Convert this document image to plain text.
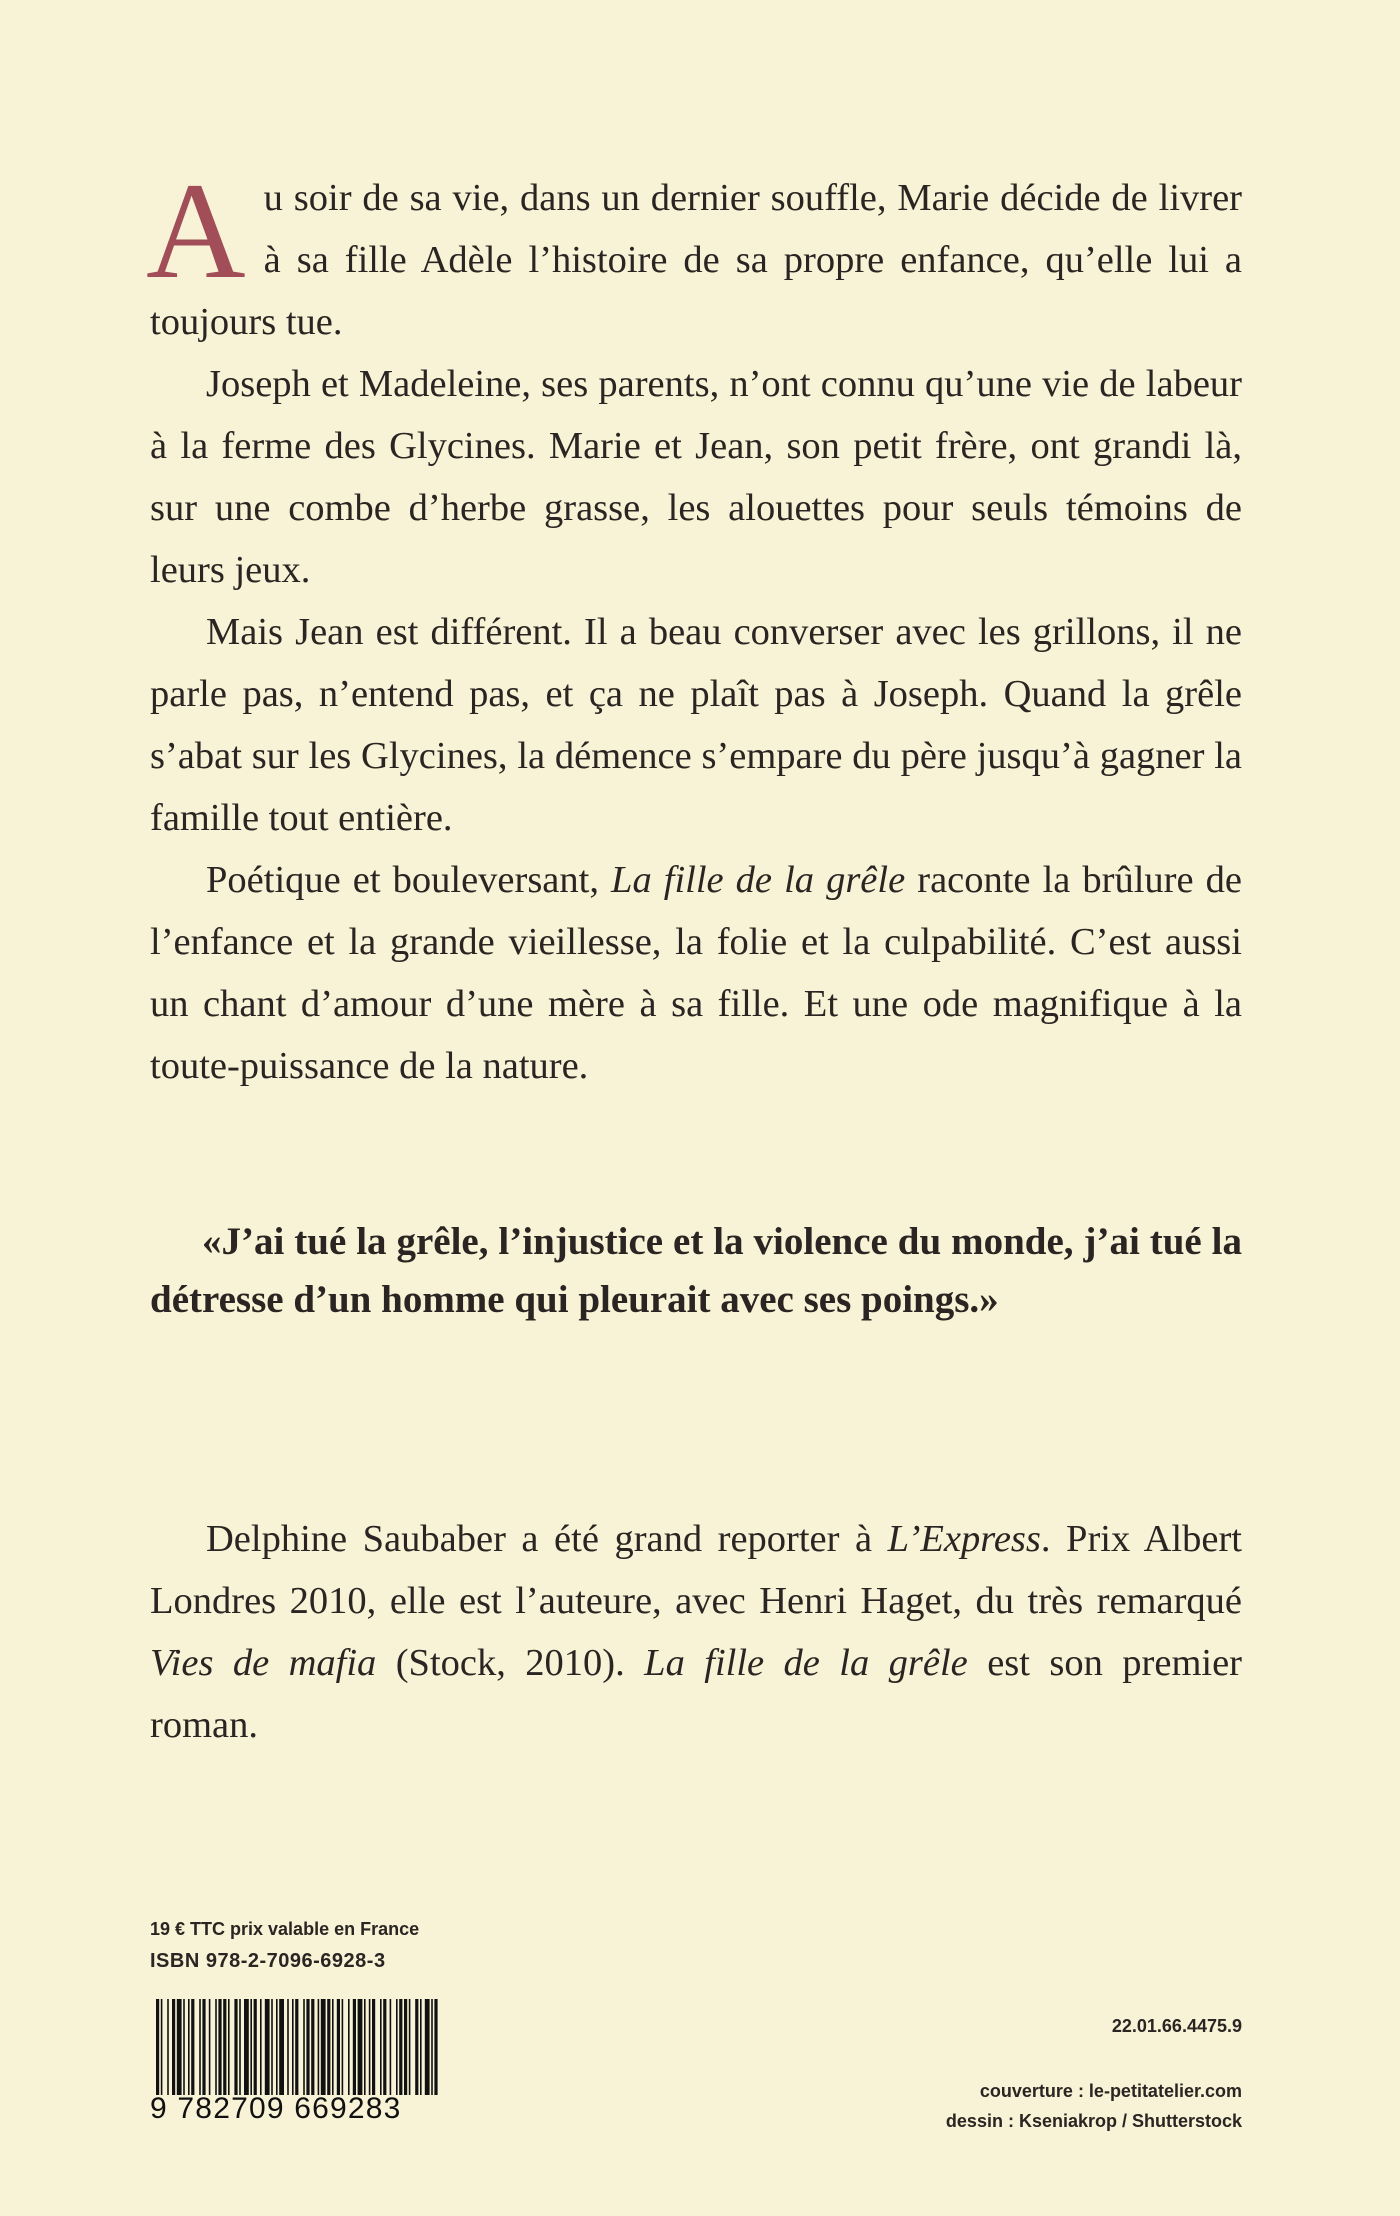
Au soir de sa vie, dans un dernier souffle, Marie décide de livrer à sa fille Adèle l’histoire de sa propre enfance, qu’elle lui a toujours tue.

Joseph et Madeleine, ses parents, n’ont connu qu’une vie de labeur à la ferme des Glycines. Marie et Jean, son petit frère, ont grandi là, sur une combe d’herbe grasse, les alouettes pour seuls témoins de leurs jeux.

Mais Jean est différent. Il a beau converser avec les grillons, il ne parle pas, n’entend pas, et ça ne plaît pas à Joseph. Quand la grêle s’abat sur les Glycines, la démence s’empare du père jusqu’à gagner la famille tout entière.

Poétique et bouleversant, La fille de la grêle raconte la brûlure de l’enfance et la grande vieillesse, la folie et la culpabilité. C’est aussi un chant d’amour d’une mère à sa fille. Et une ode magnifique à la toute-puissance de la nature.

«J’ai tué la grêle, l’injustice et la violence du monde, j’ai tué la détresse d’un homme qui pleurait avec ses poings.»

Delphine Saubaber a été grand reporter à L’Express. Prix Albert Londres 2010, elle est l’auteure, avec Henri Haget, du très remarqué Vies de mafia (Stock, 2010). La fille de la grêle est son premier roman.

19 € TTC prix valable en France
ISBN 978-2-7096-6928-3
9 782709 669283
22.01.66.4475.9
couverture : le-petitatelier.com
dessin : Kseniakrop / Shutterstock
